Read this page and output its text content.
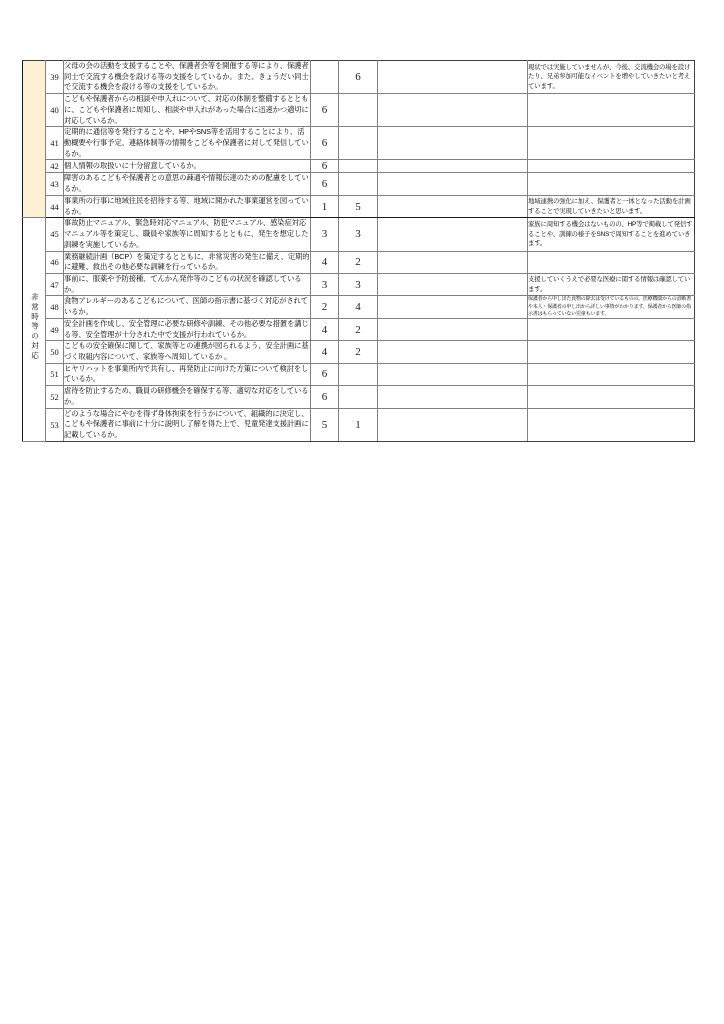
	39	父母の会の活動を支援することや、保護者会等を開催する等により、保護者同士で交流する機会を設ける等の支援をしているか。また、きょうだい同士で交流する機会を設ける等の支援をしているか。		6		現状では実施していませんが、今後、交流機会の場を設けたり、兄弟参加可能なイベントを増やしていきたいと考えています。
	40	こどもや保護者からの相談や申入れについて、対応の体制を整備するとともに、こどもや保護者に周知し、相談や申入れがあった場合に迅速かつ適切に対応しているか。	6			
	41	定期的に通信等を発行することや、HPやSNS等を活用することにより、活動概要や行事予定、連絡体制等の情報をこどもや保護者に対して発信しているか。	6			
	42	個人情報の取扱いに十分留意しているか。	6			
	43	障害のあるこどもや保護者との意思の疎通や情報伝達のための配慮をしているか。	6			
	44	事業所の行事に地域住民を招待する等、地域に開かれた事業運営を図っているか。	1	5		地域連携の強化に加え、保護者と一体となった活動を計画することで実現していきたいと思います。
非常時等の対応	45	事故防止マニュアル、緊急時対応マニュアル、防犯マニュアル、感染症対応マニュアル等を策定し、職員や家族等に周知するとともに、発生を想定した訓練を実施しているか。	3	3		家族に周知する機会はないものの、HP等で掲載して発信することや、訓練の様子をSNSで周知することを進めていきます。
	46	業務継続計画（BCP）を策定するとともに、非常災害の発生に備え、定期的に避難、救出その他必要な訓練を行っているか。	4	2		
	47	事前に、服薬や予防接種、てんかん発作等のこどもの状況を確認しているか。	3	3		支援していくうえで必要な医療に関する情報は確認しています。
	48	食物アレルギーのあるこどもについて、医師の指示書に基づく対応がされているか。	2	4		保護者から申し出た食物の除去は受けているものの、医療機関からの診断書や本人・保護者の申し出から詳しい事情がわかります。保護者から医師の指示書はもらっていない児童もいます。
	49	安全計画を作成し、安全管理に必要な研修や訓練、その他必要な措置を講じる等、安全管理が十分された中で支援が行われているか。	4	2		
	50	こどもの安全確保に関して、家族等との連携が図られるよう、安全計画に基づく取組内容について、家族等へ周知しているか 。	4	2		
	51	ヒヤリハットを事業所内で共有し、再発防止に向けた方策について検討をしているか。	6			
	52	虐待を防止するため、職員の研修機会を確保する等、適切な対応をしているか。	6			
	53	どのような場合にやむを得ず身体拘束を行うかについて、組織的に決定し、こどもや保護者に事前に十分に説明し了解を得た上で、児童発達支援計画に記載しているか。	5	1		
